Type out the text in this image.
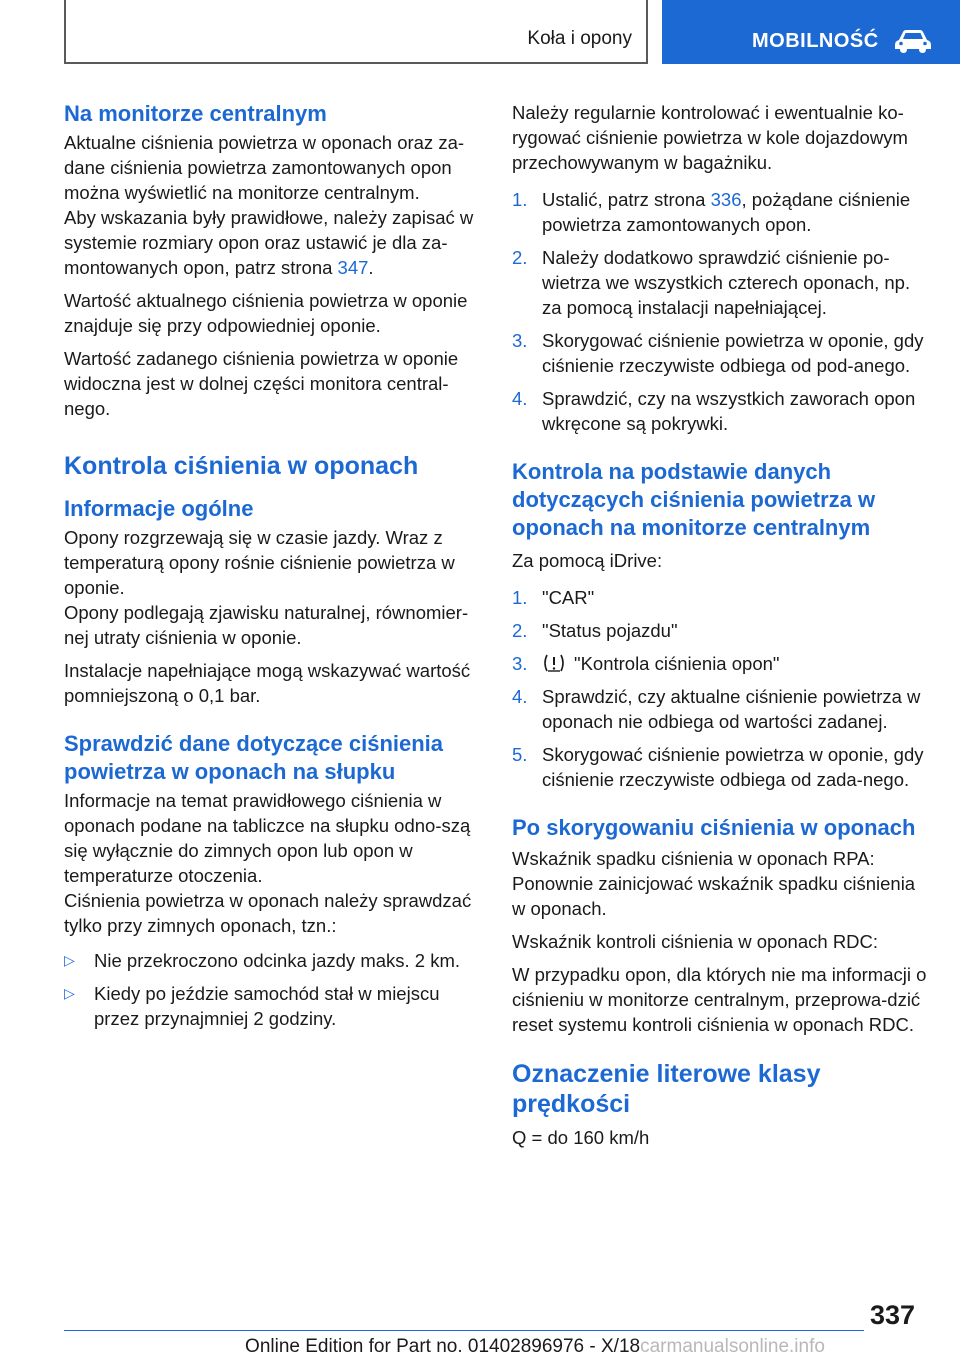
Koła i opony	MOBILNOŚĆ
Na monitorze centralnym

Aktualne ciśnienia powietrza w oponach oraz za-dane ciśnienia powietrza zamontowanych opon można wyświetlić na monitorze centralnym.

Aby wskazania były prawidłowe, należy zapisać w systemie rozmiary opon oraz ustawić je dla za-montowanych opon, patrz strona 347.

Wartość aktualnego ciśnienia powietrza w oponie znajduje się przy odpowiedniej oponie.

Wartość zadanego ciśnienia powietrza w oponie widoczna jest w dolnej części monitora central-nego.

Kontrola ciśnienia w oponach
Informacje ogólne

Opony rozgrzewają się w czasie jazdy. Wraz z temperaturą opony rośnie ciśnienie powietrza w oponie.

Opony podlegają zjawisku naturalnej, równomier-nej utraty ciśnienia w oponie.

Instalacje napełniające mogą wskazywać wartość pomniejszoną o 0,1 bar.

Sprawdzić dane dotyczące ciśnienia powietrza w oponach na słupku

Informacje na temat prawidłowego ciśnienia w oponach podane na tabliczce na słupku odno-szą się wyłącznie do zimnych opon lub opon w temperaturze otoczenia.

Ciśnienia powietrza w oponach należy sprawdzać tylko przy zimnych oponach, tzn.:

▷ Nie przekroczono odcinka jazdy maks. 2 km.
▷ Kiedy po jeździe samochód stał w miejscu przez przynajmniej 2 godziny.

Należy regularnie kontrolować i ewentualnie ko-rygować ciśnienie powietrza w kole dojazdowym przechowywanym w bagażniku.

1. Ustalić, patrz strona 336, pożądane ciśnienie powietrza zamontowanych opon.
2. Należy dodatkowo sprawdzić ciśnienie po-wietrza we wszystkich czterech oponach, np. za pomocą instalacji napełniającej.
3. Skorygować ciśnienie powietrza w oponie, gdy ciśnienie rzeczywiste odbiega od pod-anego.
4. Sprawdzić, czy na wszystkich zaworach opon wkręcone są pokrywki.
Kontrola na podstawie danych dotyczących ciśnienia powietrza w oponach na monitorze centralnym

Za pomocą iDrive:

1. "CAR"
2. "Status pojazdu"
3.	"Kontrola ciśnienia opon"
4. Sprawdzić, czy aktualne ciśnienie powietrza w oponach nie odbiega od wartości zadanej.
5. Skorygować ciśnienie powietrza w oponie, gdy ciśnienie rzeczywiste odbiega od zada-nego.
Po skorygowaniu ciśnienia w oponach

Wskaźnik spadku ciśnienia w oponach RPA:

Ponownie zainicjować wskaźnik spadku ciśnienia w oponach.

Wskaźnik kontroli ciśnienia w oponach RDC:

W przypadku opon, dla których nie ma informacji o ciśnieniu w monitorze centralnym, przeprowa-dzić reset systemu kontroli ciśnienia w oponach RDC.

Oznaczenie literowe klasy prędkości

Q = do 160 km/h

337
Online Edition for Part no. 01402896976 - X/18carmanualsonline.info
